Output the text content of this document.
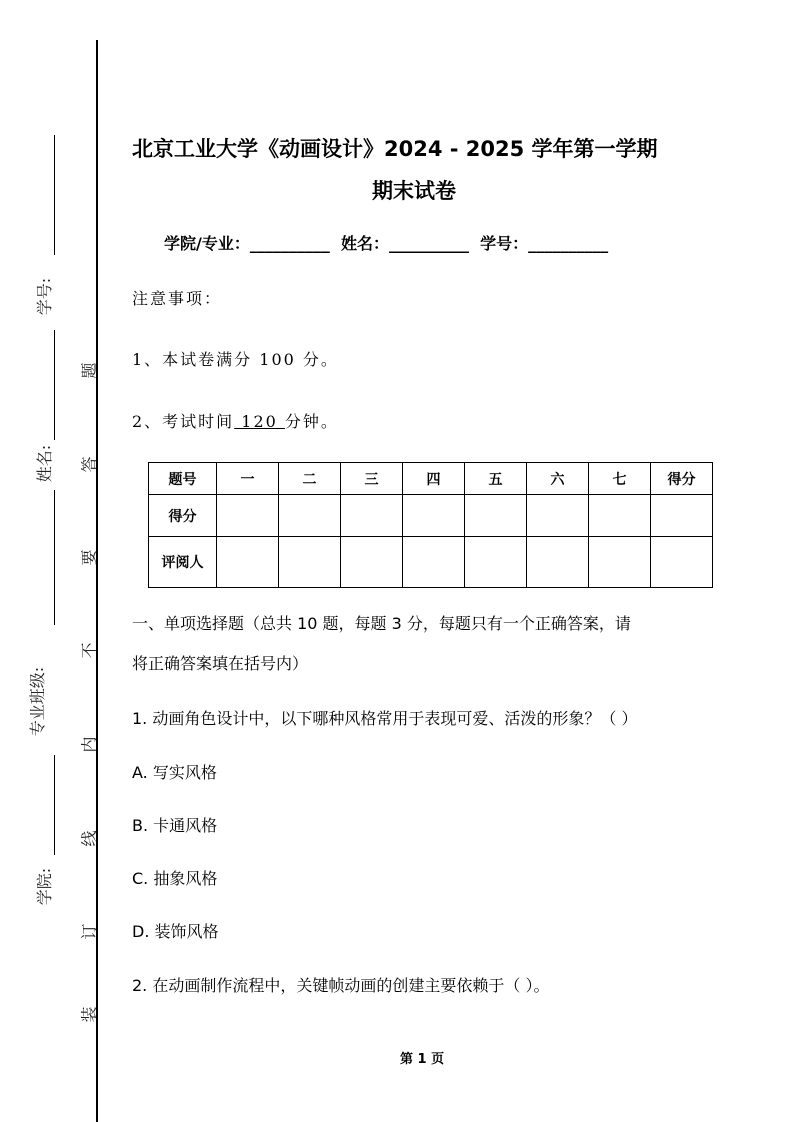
学号:
姓名:
专业班级:
学院:
装
订
线
内
不
要
答
题
北京工业大学《动画设计》2024 - 2025 学年第一学期
期末试卷
学院/专业：__________ 姓名：__________ 学号：__________
注意事项：
1、本试卷满分 100 分。
2、考试时间 120 分钟。
题号	一	二	三	四	五	六	七	得分
得分								
评阅人								
一、单项选择题（总共 10 题，每题 3 分，每题只有一个正确答案，请
将正确答案填在括号内）
1. 动画角色设计中，以下哪种风格常用于表现可爱、活泼的形象？（ ）
A. 写实风格
B. 卡通风格
C. 抽象风格
D. 装饰风格
2. 在动画制作流程中，关键帧动画的创建主要依赖于（ ）。
第 1 页
